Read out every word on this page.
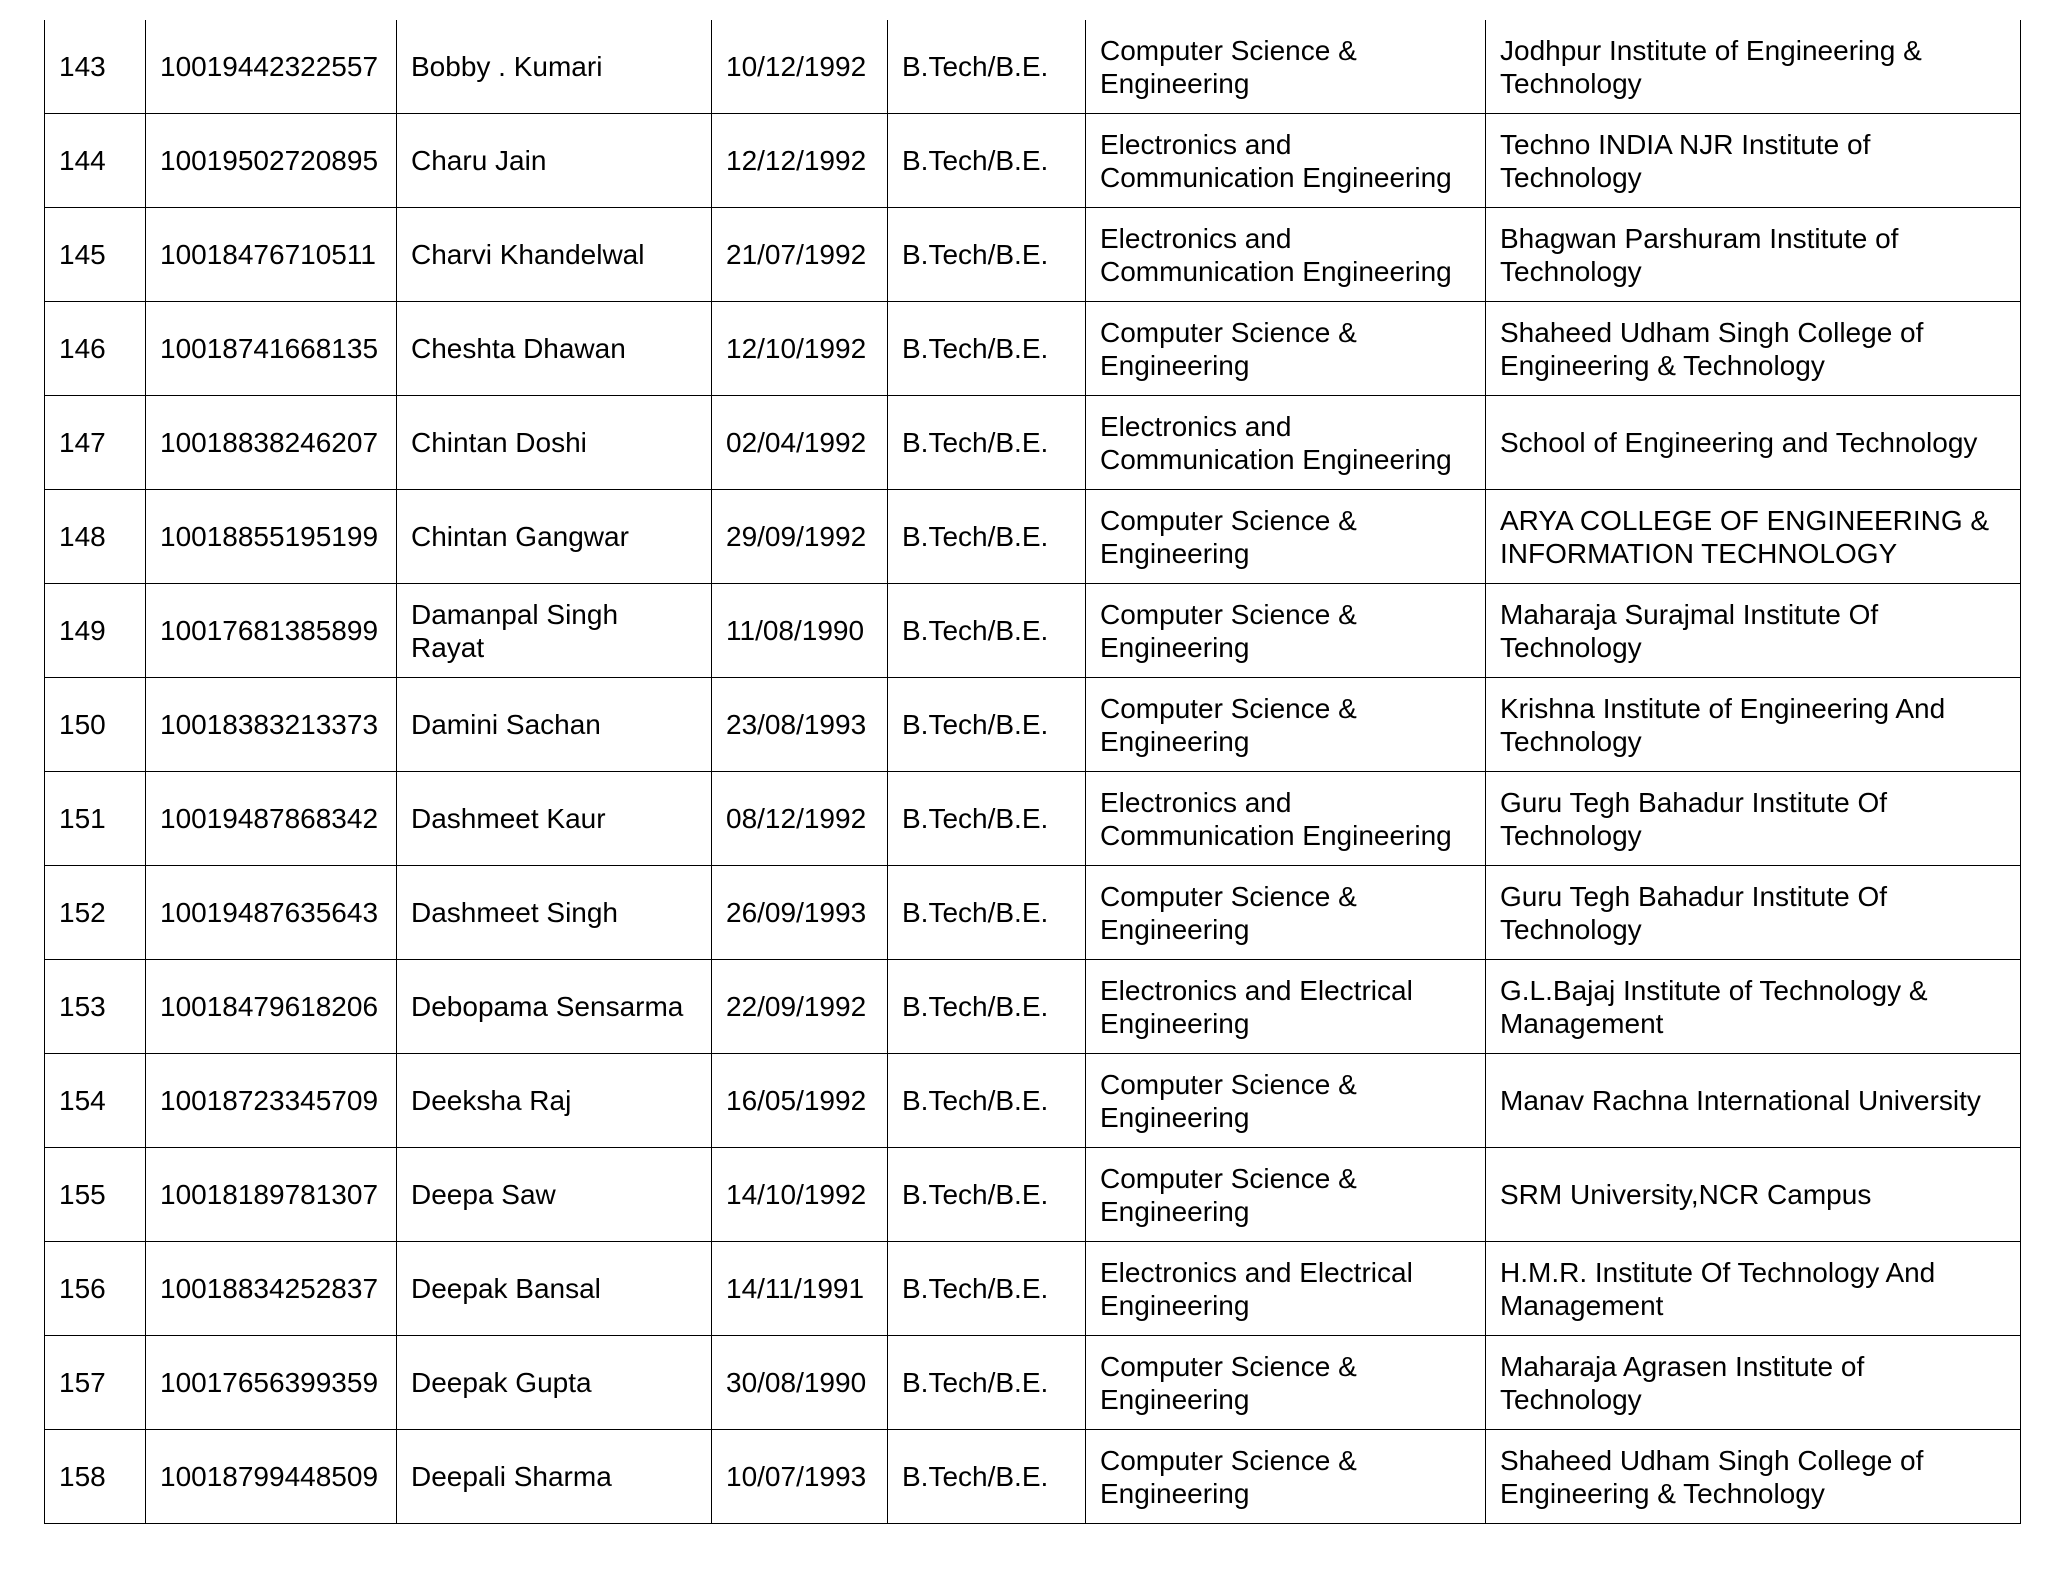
143	10019442322557	Bobby . Kumari	10/12/1992	B.Tech/B.E.	Computer Science &
Engineering	Jodhpur Institute of Engineering &
Technology
144	10019502720895	Charu Jain	12/12/1992	B.Tech/B.E.	Electronics and
Communication Engineering	Techno INDIA NJR Institute of
Technology
145	10018476710511	Charvi Khandelwal	21/07/1992	B.Tech/B.E.	Electronics and
Communication Engineering	Bhagwan Parshuram Institute of
Technology
146	10018741668135	Cheshta Dhawan	12/10/1992	B.Tech/B.E.	Computer Science &
Engineering	Shaheed Udham Singh College of
Engineering & Technology
147	10018838246207	Chintan Doshi	02/04/1992	B.Tech/B.E.	Electronics and
Communication Engineering	School of Engineering and Technology
148	10018855195199	Chintan Gangwar	29/09/1992	B.Tech/B.E.	Computer Science &
Engineering	ARYA COLLEGE OF ENGINEERING &
INFORMATION TECHNOLOGY
149	10017681385899	Damanpal Singh
Rayat	11/08/1990	B.Tech/B.E.	Computer Science &
Engineering	Maharaja Surajmal Institute Of
Technology
150	10018383213373	Damini Sachan	23/08/1993	B.Tech/B.E.	Computer Science &
Engineering	Krishna Institute of Engineering And
Technology
151	10019487868342	Dashmeet Kaur	08/12/1992	B.Tech/B.E.	Electronics and
Communication Engineering	Guru Tegh Bahadur Institute Of
Technology
152	10019487635643	Dashmeet Singh	26/09/1993	B.Tech/B.E.	Computer Science &
Engineering	Guru Tegh Bahadur Institute Of
Technology
153	10018479618206	Debopama Sensarma	22/09/1992	B.Tech/B.E.	Electronics and Electrical
Engineering	G.L.Bajaj Institute of Technology &
Management
154	10018723345709	Deeksha Raj	16/05/1992	B.Tech/B.E.	Computer Science &
Engineering	Manav Rachna International University
155	10018189781307	Deepa Saw	14/10/1992	B.Tech/B.E.	Computer Science &
Engineering	SRM University,NCR Campus
156	10018834252837	Deepak Bansal	14/11/1991	B.Tech/B.E.	Electronics and Electrical
Engineering	H.M.R. Institute Of Technology And
Management
157	10017656399359	Deepak Gupta	30/08/1990	B.Tech/B.E.	Computer Science &
Engineering	Maharaja Agrasen Institute of
Technology
158	10018799448509	Deepali Sharma	10/07/1993	B.Tech/B.E.	Computer Science &
Engineering	Shaheed Udham Singh College of
Engineering & Technology
